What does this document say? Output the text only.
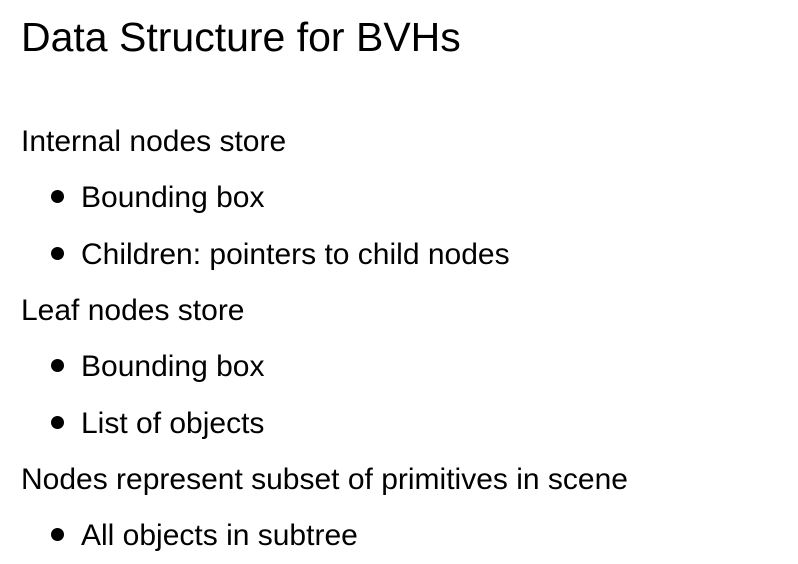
Data Structure for BVHs

Internal nodes store

Bounding box

Children: pointers to child nodes

Leaf nodes store

Bounding box

List of objects

Nodes represent subset of primitives in scene

All objects in subtree
